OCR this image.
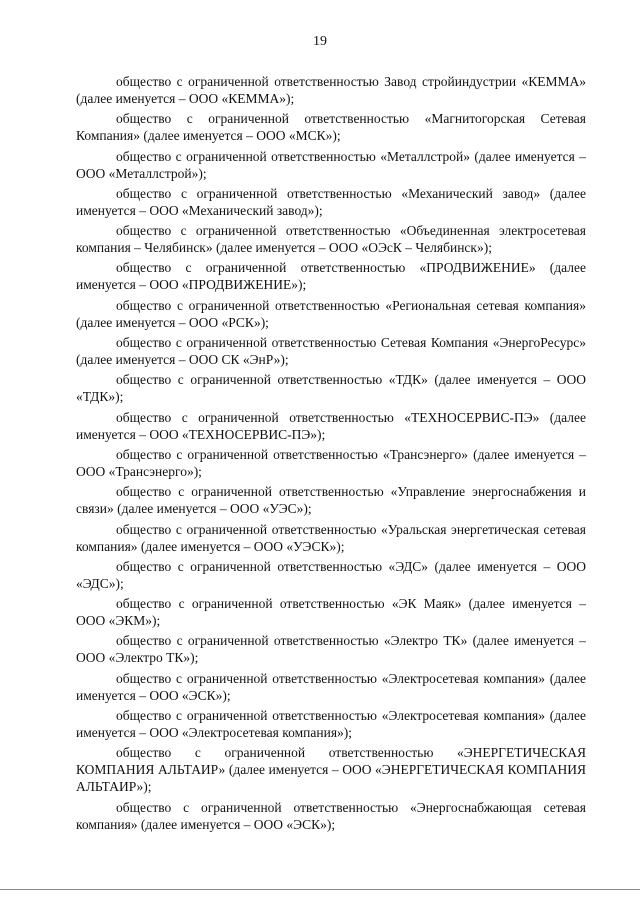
19

общество с ограниченной ответственностью Завод стройиндустрии «КЕММА» (далее именуется – ООО «КЕММА»);

общество с ограниченной ответственностью «Магнитогорская Сетевая Компания» (далее именуется – ООО «МСК»);

общество с ограниченной ответственностью «Металлстрой» (далее именуется – ООО «Металлстрой»);

общество с ограниченной ответственностью «Механический завод» (далее именуется – ООО «Механический завод»);

общество с ограниченной ответственностью «Объединенная электросетевая компания – Челябинск» (далее именуется – ООО «ОЭсК – Челябинск»);

общество с ограниченной ответственностью «ПРОДВИЖЕНИЕ» (далее именуется – ООО «ПРОДВИЖЕНИЕ»);

общество с ограниченной ответственностью «Региональная сетевая компания» (далее именуется – ООО «РСК»);

общество с ограниченной ответственностью Сетевая Компания «ЭнергоРесурс» (далее именуется – ООО СК «ЭнР»);

общество с ограниченной ответственностью «ТДК» (далее именуется – ООО «ТДК»);

общество с ограниченной ответственностью «ТЕХНОСЕРВИС-ПЭ» (далее именуется – ООО «ТЕХНОСЕРВИС-ПЭ»);

общество с ограниченной ответственностью «Трансэнерго» (далее именуется – ООО «Трансэнерго»);

общество с ограниченной ответственностью «Управление энергоснабжения и связи» (далее именуется – ООО «УЭС»);

общество с ограниченной ответственностью «Уральская энергетическая сетевая компания» (далее именуется – ООО «УЭСК»);

общество с ограниченной ответственностью «ЭДС» (далее именуется – ООО «ЭДС»);

общество с ограниченной ответственностью «ЭК Маяк» (далее именуется – ООО «ЭКМ»);

общество с ограниченной ответственностью «Электро ТК» (далее именуется – ООО «Электро ТК»);

общество с ограниченной ответственностью «Электросетевая компания» (далее именуется – ООО «ЭСК»);

общество с ограниченной ответственностью «Электросетевая компания» (далее именуется – ООО «Электросетевая компания»);

общество с ограниченной ответственностью «ЭНЕРГЕТИЧЕСКАЯ КОМПАНИЯ АЛЬТАИР» (далее именуется – ООО «ЭНЕРГЕТИЧЕСКАЯ КОМПАНИЯ АЛЬТАИР»);

общество с ограниченной ответственностью «Энергоснабжающая сетевая компания» (далее именуется – ООО «ЭСК»);
